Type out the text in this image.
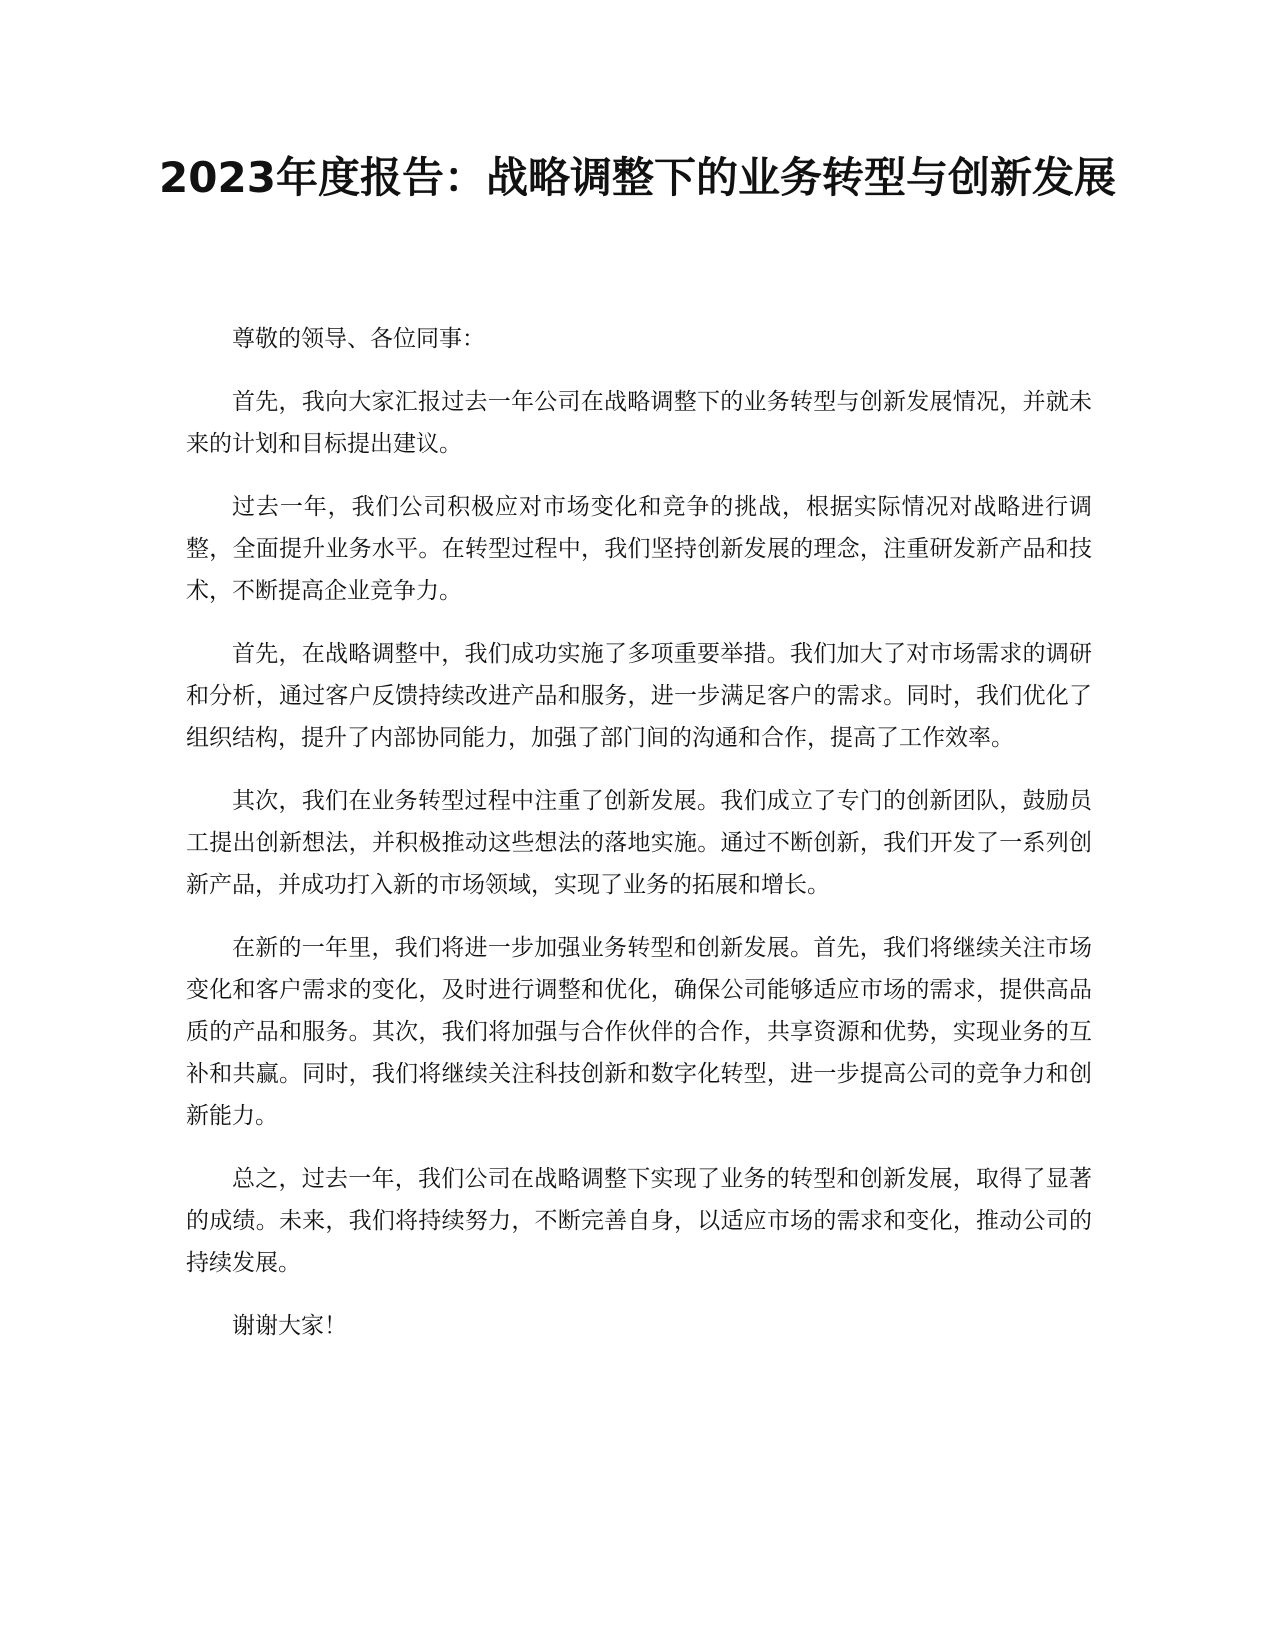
2023年度报告：战略调整下的业务转型与创新发展

尊敬的领导、各位同事：

首先，我向大家汇报过去一年公司在战略调整下的业务转型与创新发展情况，并就未来的计划和目标提出建议。

过去一年，我们公司积极应对市场变化和竞争的挑战，根据实际情况对战略进行调整，全面提升业务水平。在转型过程中，我们坚持创新发展的理念，注重研发新产品和技术，不断提高企业竞争力。

首先，在战略调整中，我们成功实施了多项重要举措。我们加大了对市场需求的调研和分析，通过客户反馈持续改进产品和服务，进一步满足客户的需求。同时，我们优化了组织结构，提升了内部协同能力，加强了部门间的沟通和合作，提高了工作效率。

其次，我们在业务转型过程中注重了创新发展。我们成立了专门的创新团队，鼓励员工提出创新想法，并积极推动这些想法的落地实施。通过不断创新，我们开发了一系列创新产品，并成功打入新的市场领域，实现了业务的拓展和增长。

在新的一年里，我们将进一步加强业务转型和创新发展。首先，我们将继续关注市场变化和客户需求的变化，及时进行调整和优化，确保公司能够适应市场的需求，提供高品质的产品和服务。其次，我们将加强与合作伙伴的合作，共享资源和优势，实现业务的互补和共赢。同时，我们将继续关注科技创新和数字化转型，进一步提高公司的竞争力和创新能力。

总之，过去一年，我们公司在战略调整下实现了业务的转型和创新发展，取得了显著的成绩。未来，我们将持续努力，不断完善自身，以适应市场的需求和变化，推动公司的持续发展。

谢谢大家！
